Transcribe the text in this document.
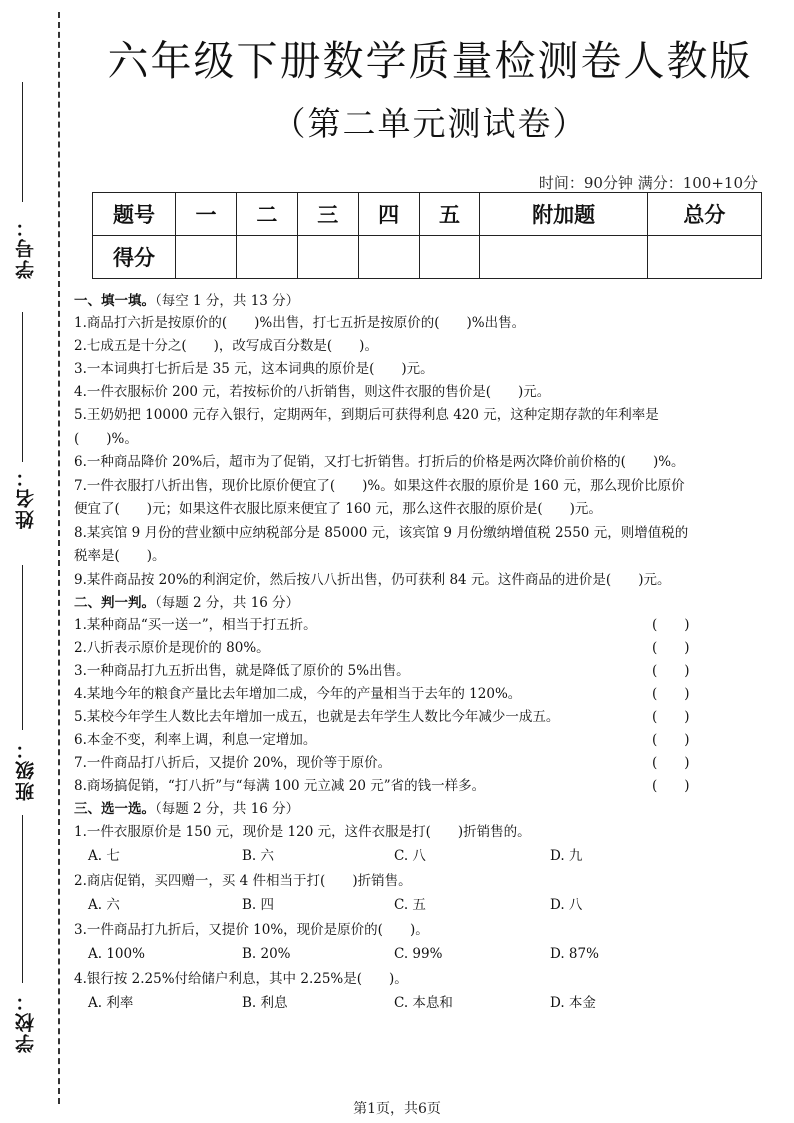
学号：
姓名：
班级：
学校：
六年级下册数学质量检测卷人教版
（第二单元测试卷）
时间：90分钟 满分：100+10分
题号	一	二	三	四	五	附加题	总分
得分							
一、填一填。（每空 1 分，共 13 分）
1.商品打六折是按原价的(　　)%出售，打七五折是按原价的(　　)%出售。
2.七成五是十分之(　　)，改写成百分数是(　　)。
3.一本词典打七折后是 35 元，这本词典的原价是(　　)元。
4.一件衣服标价 200 元，若按标价的八折销售，则这件衣服的售价是(　　)元。
5.王奶奶把 10000 元存入银行，定期两年，到期后可获得利息 420 元，这种定期存款的年利率是(　　)%。
6.一种商品降价 20%后，超市为了促销，又打七折销售。打折后的价格是两次降价前价格的(　　)%。
7.一件衣服打八折出售，现价比原价便宜了(　　)%。如果这件衣服的原价是 160 元，那么现价比原价便宜了(　　)元；如果这件衣服比原来便宜了 160 元，那么这件衣服的原价是(　　)元。
8.某宾馆 9 月份的营业额中应纳税部分是 85000 元，该宾馆 9 月份缴纳增值税 2550 元，则增值税的税率是(　　)。
9.某件商品按 20%的利润定价，然后按八八折出售，仍可获利 84 元。这件商品的进价是(　　)元。
二、判一判。（每题 2 分，共 16 分）
1.某种商品“买一送一”，相当于打五折。	(　　)
2.八折表示原价是现价的 80%。	(　　)
3.一种商品打九五折出售，就是降低了原价的 5%出售。	(　　)
4.某地今年的粮食产量比去年增加二成，今年的产量相当于去年的 120%。	(　　)
5.某校今年学生人数比去年增加一成五，也就是去年学生人数比今年减少一成五。	(　　)
6.本金不变，利率上调，利息一定增加。	(　　)
7.一件商品打八折后，又提价 20%，现价等于原价。	(　　)
8.商场搞促销，“打八折”与“每满 100 元立减 20 元”省的钱一样多。	(　　)
三、选一选。（每题 2 分，共 16 分）
1.一件衣服原价是 150 元，现价是 120 元，这件衣服是打(　　)折销售的。
A. 七	B. 六	C. 八	D. 九
2.商店促销，买四赠一，买 4 件相当于打(　　)折销售。
A. 六	B. 四	C. 五	D. 八
3.一件商品打九折后，又提价 10%，现价是原价的(　　)。
A. 100%	B. 20%	C. 99%	D. 87%
4.银行按 2.25%付给储户利息，其中 2.25%是(　　)。
A. 利率	B. 利息	C. 本息和	D. 本金
第1页，共6页
